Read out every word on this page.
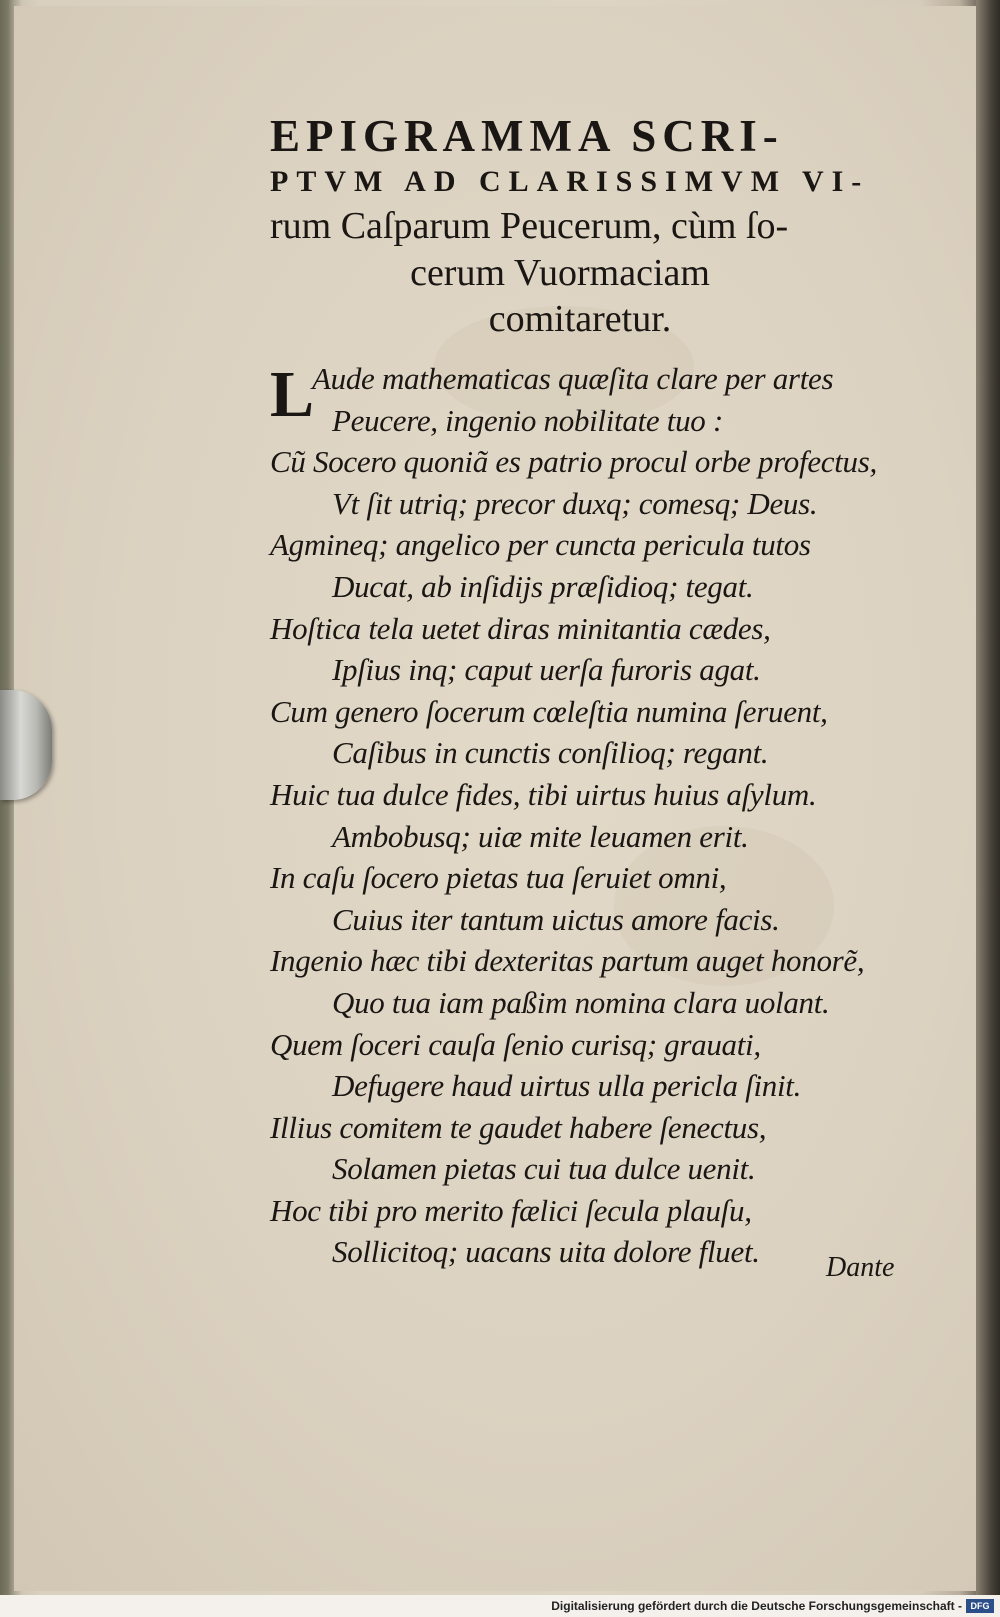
EPIGRAMMA SCRI-
PTVM AD CLARISSIMVM VI-
rum Caſparum Peucerum, cùm ſo-
cerum Vuormaciam
comitaretur.
L
Aude mathematicas quæſita clare per artes
Peucere, ingenio nobilitate tuo :
Cũ Socero quoniã es patrio procul orbe profectus,
Vt ſit utriq; precor duxq; comesq; Deus.
Agmineq; angelico per cuncta pericula tutos
Ducat, ab inſidijs præſidioq; tegat.
Hoſtica tela uetet diras minitantia cædes,
Ipſius inq; caput uerſa furoris agat.
Cum genero ſocerum cœleſtia numina ſeruent,
Caſibus in cunctis conſilioq; regant.
Huic tua dulce fides, tibi uirtus huius aſylum.
Ambobusq; uiæ mite leuamen erit.
In caſu ſocero pietas tua ſeruiet omni,
Cuius iter tantum uictus amore facis.
Ingenio hæc tibi dexteritas partum auget honorẽ,
Quo tua iam paßim nomina clara uolant.
Quem ſoceri cauſa ſenio curisq; grauati,
Defugere haud uirtus ulla pericla ſinit.
Illius comitem te gaudet habere ſenectus,
Solamen pietas cui tua dulce uenit.
Hoc tibi pro merito fælici ſecula plauſu,
Sollicitoq; uacans uita dolore fluet.	Dante
Digitalisierung gefördert durch die Deutsche Forschungsgemeinschaft - DFG
